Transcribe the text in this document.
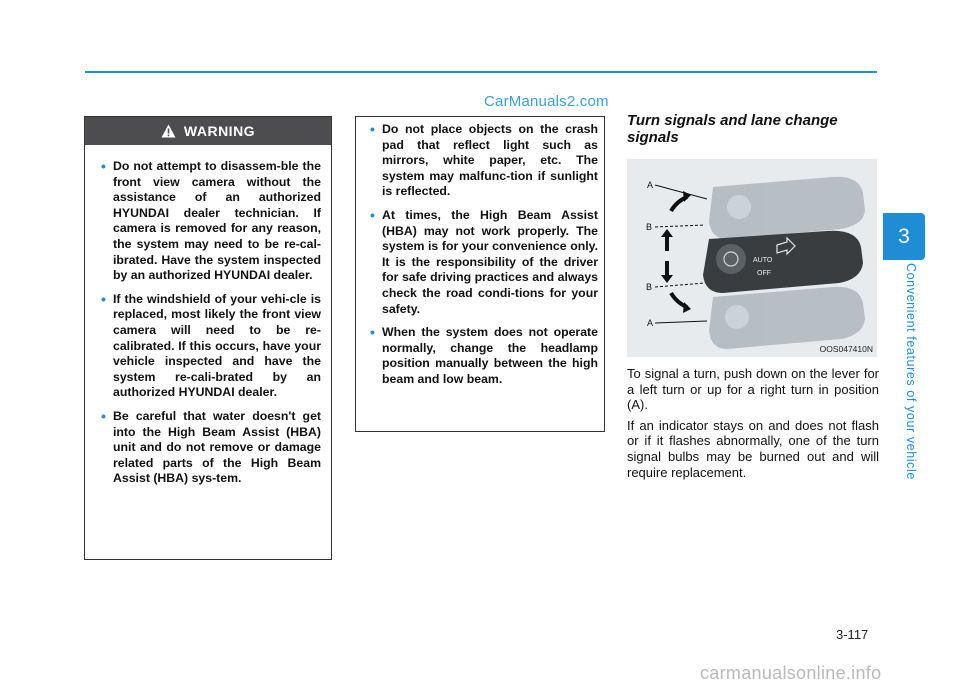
CarManuals2.com
WARNING
• Do not attempt to disassem-ble the front view camera without the assistance of an authorized HYUNDAI dealer technician. If camera is removed for any reason, the system may need to be re-cal-ibrated. Have the system inspected by an authorized HYUNDAI dealer.
• If the windshield of your vehi-cle is replaced, most likely the front view camera will need to be re-calibrated. If this occurs, have your vehicle inspected and have the system re-cali-brated by an authorized HYUNDAI dealer.
• Be careful that water doesn't get into the High Beam Assist (HBA) unit and do not remove or damage related parts of the High Beam Assist (HBA) sys-tem.
• Do not place objects on the crash pad that reflect light such as mirrors, white paper, etc. The system may malfunc-tion if sunlight is reflected.
• At times, the High Beam Assist (HBA) may not work properly. The system is for your convenience only. It is the responsibility of the driver for safe driving practices and always check the road condi-tions for your safety.
• When the system does not operate normally, change the headlamp position manually between the high beam and low beam.
Turn signals and lane change signals
AUTO
OFF
A
B
B
A
OOS047410N

To signal a turn, push down on the lever for a left turn or up for a right turn in position (A).

If an indicator stays on and does not flash or if it flashes abnormally, one of the turn signal bulbs may be burned out and will require replacement.

3
Convenient features of your vehicle
3-117
carmanualsonline.info
